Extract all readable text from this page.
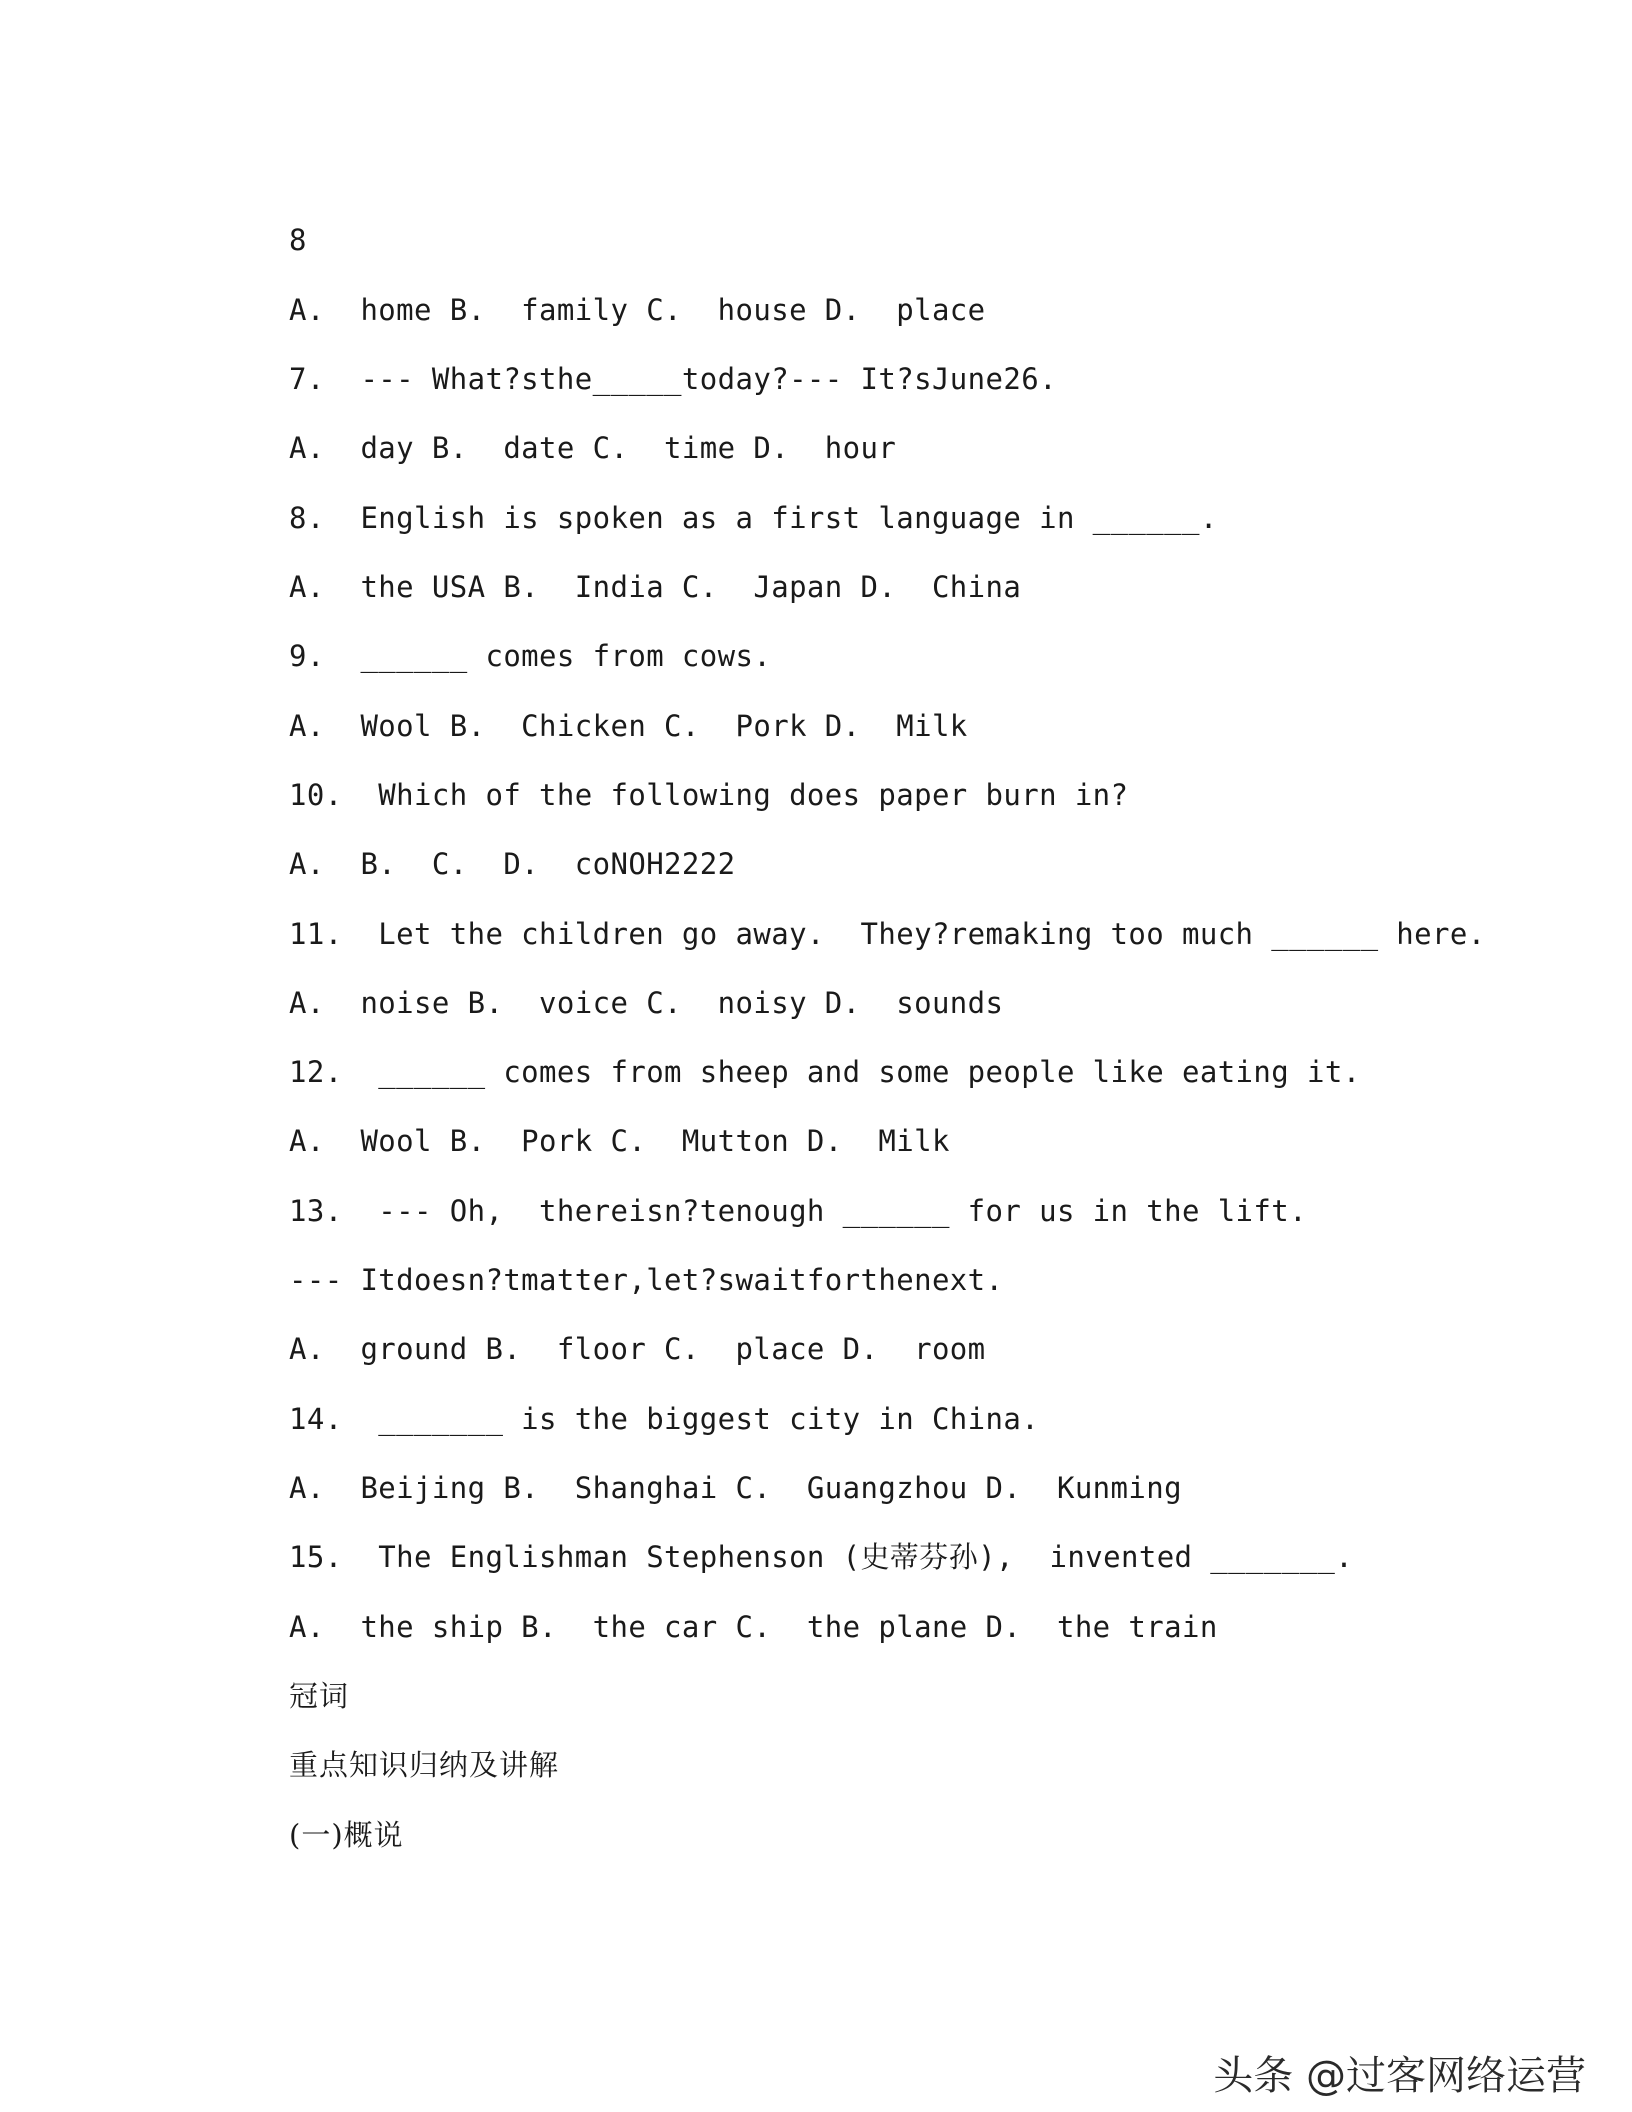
8
A.  home B.  family C.  house D.  place
7.  --- What?sthe_____today?--- It?sJune26.
A.  day B.  date C.  time D.  hour
8.  English is spoken as a first language in ______.
A.  the USA B.  India C.  Japan D.  China
9.  ______ comes from cows.
A.  Wool B.  Chicken C.  Pork D.  Milk
10.  Which of the following does paper burn in?
A.  B.  C.  D.  coNOH2222
11.  Let the children go away.  They?remaking too much ______ here.
A.  noise B.  voice C.  noisy D.  sounds
12.  ______ comes from sheep and some people like eating it.
A.  Wool B.  Pork C.  Mutton D.  Milk
13.  --- Oh,  thereisn?tenough ______ for us in the lift.
--- Itdoesn?tmatter,let?swaitforthenext.
A.  ground B.  floor C.  place D.  room
14.  _______ is the biggest city in China.
A.  Beijing B.  Shanghai C.  Guangzhou D.  Kunming
15.  The Englishman Stephenson (史蒂芬孙),  invented _______.
A.  the ship B.  the car C.  the plane D.  the train
冠词
重点知识归纳及讲解
(一)概说
头条 @过客网络运营
